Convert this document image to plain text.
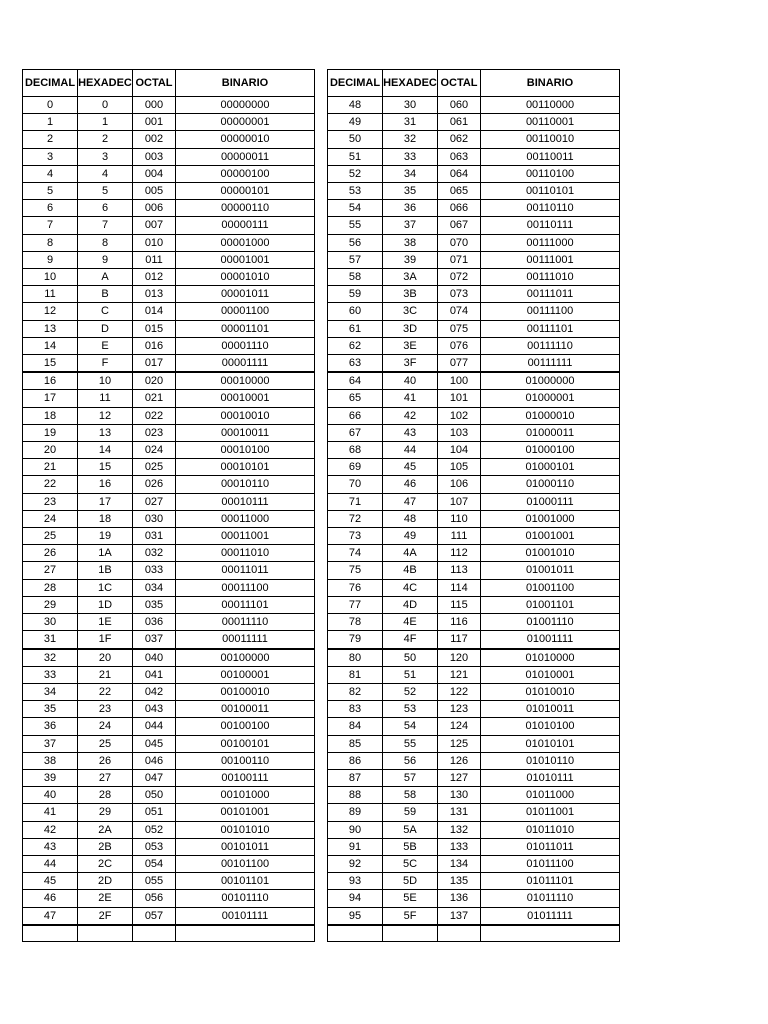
DECIMAL	HEXADEC	OCTAL	BINARIO
0	0	000	00000000
1	1	001	00000001
2	2	002	00000010
3	3	003	00000011
4	4	004	00000100
5	5	005	00000101
6	6	006	00000110
7	7	007	00000111
8	8	010	00001000
9	9	011	00001001
10	A	012	00001010
11	B	013	00001011
12	C	014	00001100
13	D	015	00001101
14	E	016	00001110
15	F	017	00001111
16	10	020	00010000
17	11	021	00010001
18	12	022	00010010
19	13	023	00010011
20	14	024	00010100
21	15	025	00010101
22	16	026	00010110
23	17	027	00010111
24	18	030	00011000
25	19	031	00011001
26	1A	032	00011010
27	1B	033	00011011
28	1C	034	00011100
29	1D	035	00011101
30	1E	036	00011110
31	1F	037	00011111
32	20	040	00100000
33	21	041	00100001
34	22	042	00100010
35	23	043	00100011
36	24	044	00100100
37	25	045	00100101
38	26	046	00100110
39	27	047	00100111
40	28	050	00101000
41	29	051	00101001
42	2A	052	00101010
43	2B	053	00101011
44	2C	054	00101100
45	2D	055	00101101
46	2E	056	00101110
47	2F	057	00101111

DECIMAL	HEXADEC	OCTAL	BINARIO
48	30	060	00110000
49	31	061	00110001
50	32	062	00110010
51	33	063	00110011
52	34	064	00110100
53	35	065	00110101
54	36	066	00110110
55	37	067	00110111
56	38	070	00111000
57	39	071	00111001
58	3A	072	00111010
59	3B	073	00111011
60	3C	074	00111100
61	3D	075	00111101
62	3E	076	00111110
63	3F	077	00111111
64	40	100	01000000
65	41	101	01000001
66	42	102	01000010
67	43	103	01000011
68	44	104	01000100
69	45	105	01000101
70	46	106	01000110
71	47	107	01000111
72	48	110	01001000
73	49	111	01001001
74	4A	112	01001010
75	4B	113	01001011
76	4C	114	01001100
77	4D	115	01001101
78	4E	116	01001110
79	4F	117	01001111
80	50	120	01010000
81	51	121	01010001
82	52	122	01010010
83	53	123	01010011
84	54	124	01010100
85	55	125	01010101
86	56	126	01010110
87	57	127	01010111
88	58	130	01011000
89	59	131	01011001
90	5A	132	01011010
91	5B	133	01011011
92	5C	134	01011100
93	5D	135	01011101
94	5E	136	01011110
95	5F	137	01011111
